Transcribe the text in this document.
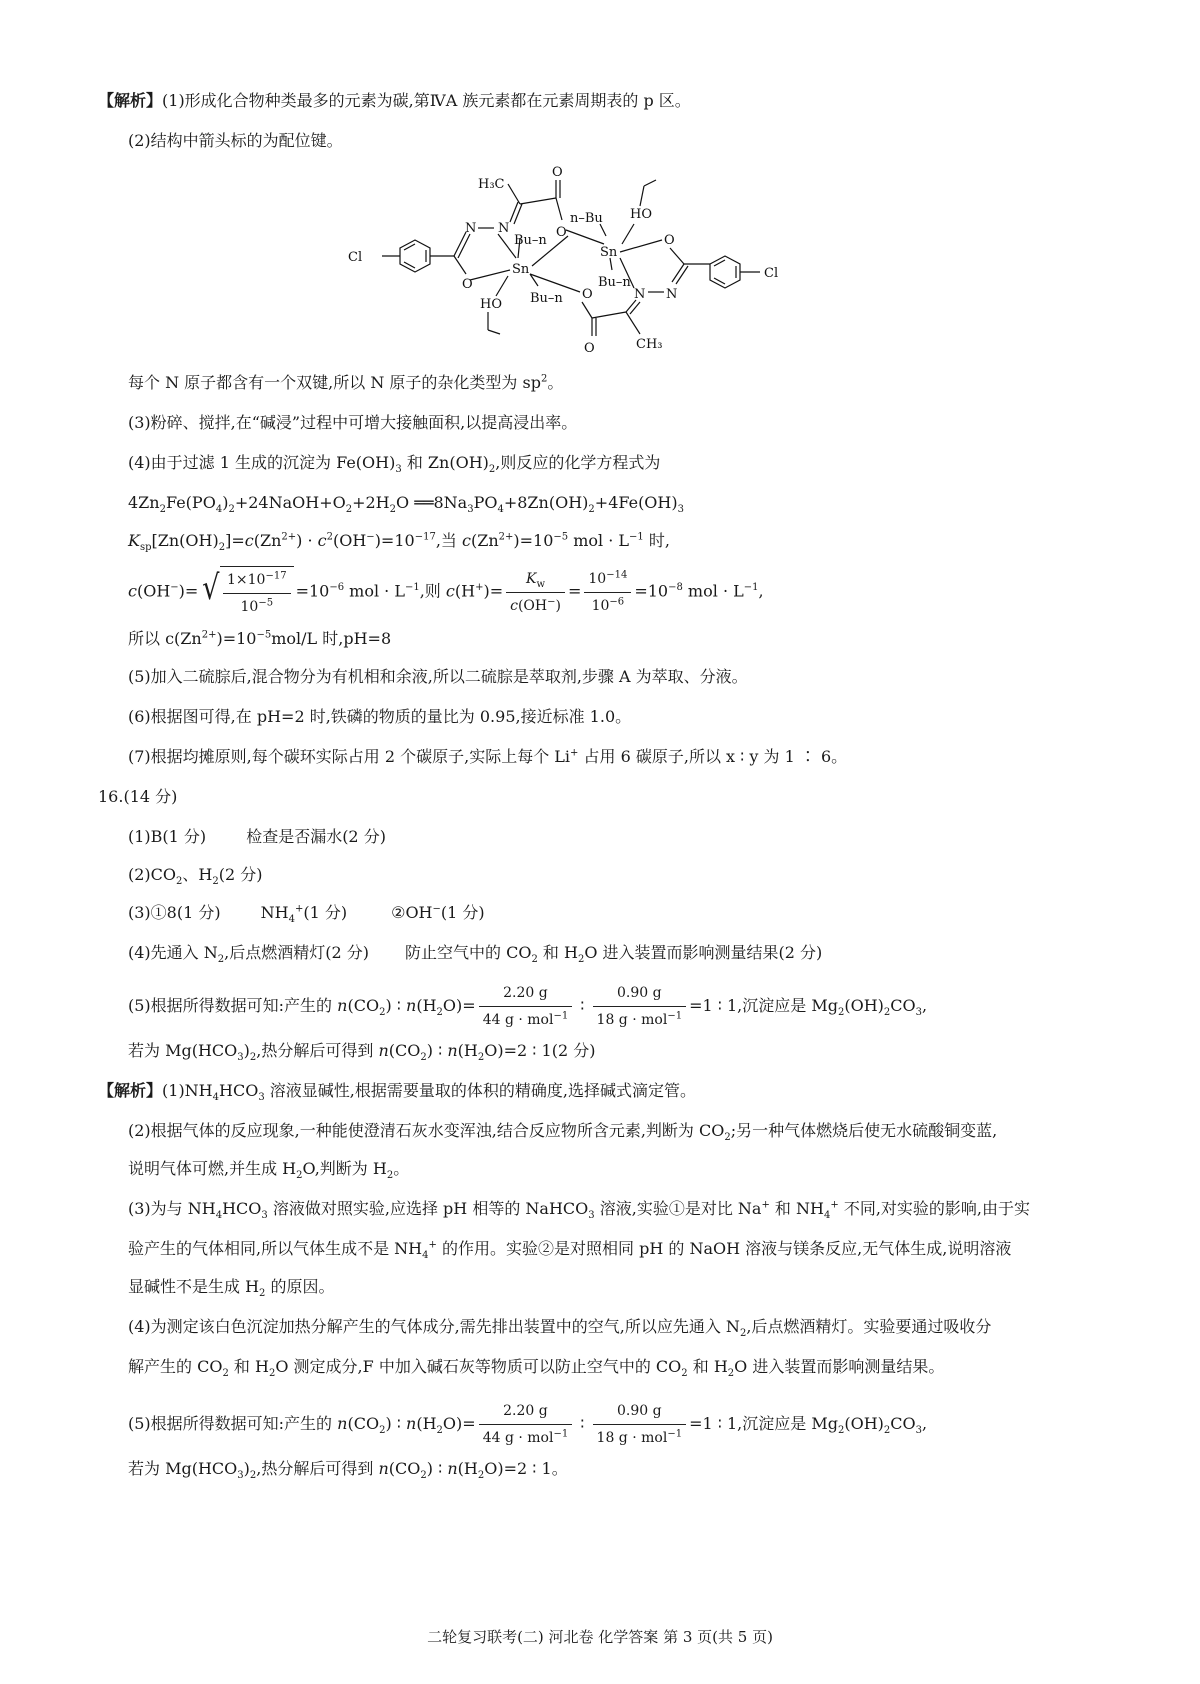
【解析】(1)形成化合物种类最多的元素为碳,第ⅣA 族元素都在元素周期表的 p 区。
(2)结构中箭头标的为配位键。
Cl
O
N N
H₃C
O
O
Bu–n
Sn
Bu–n
HO
n–Bu
Sn
HO
O
Bu–n
N
O
O	CH₃
N
Cl
每个 N 原子都含有一个双键,所以 N 原子的杂化类型为 $sp^2$。
(3)粉碎、搅拌,在“碱浸”过程中可增大接触面积,以提高浸出率。
(4)由于过滤 1 生成的沉淀为 $Fe(OH)_3$ 和 $Zn(OH)_2$,则反应的化学方程式为
$4Zn_2Fe(PO_4)_2+24NaOH+O_2+2H_2O$ $══8Na_3PO_4+8Zn(OH)_2+4Fe(OH)_3$
$K_{sp}[Zn(OH)_2]=c(Zn^{2+}) \cdot c^2(OH^-)=10^{-17}$,当 $c(Zn^{2+})=10^{-5}$ mol · $L^{-1}$ 时,
c(OH−)= √ $\frac{1\times 10^{-17}}{10^{-5}} =10^{-6}$ mol · $L^{-1}$,则 $c(H^+)= \frac{K_w}{c(OH^-)} = \frac{10^{-14}}{10^{-6}} =10^{-8}$ mol · $L^{-1}$,
所以 $c(Zn^{2+})=10^{-5}mol/L$ 时,pH=8
(5)加入二硫腙后,混合物分为有机相和余液,所以二硫腙是萃取剂,步骤 A 为萃取、分液。
(6)根据图可得,在 pH=2 时,铁磷的物质的量比为 0.95,接近标准 1.0。
(7)根据均摊原则,每个碳环实际占用 2 个碳原子,实际上每个 Li+ 占用 6 碳原子,所以 x ∶ y 为 1 ∶ 6。
16.(14 分)
(1)B(1 分)	检查是否漏水(2 分)
$(2)CO_2$、$H_2(2$ 分)
(3)①8(1 分)	$NH_4^+(1$ 分)	②OH−(1 分)
(4)先通入 $N_2$,后点燃酒精灯(2 分) 防止空气中的 $CO_2$ 和 $H_2O$ 进入装置而影响测量结果(2 分)
(5)根据所得数据可知:产生的 $n(CO_2)$ ∶ $n(H_2O)= \frac{2.20 g}{44 g \cdot mol^{-1}}$ ∶ $\frac{0.90 g}{18 g \cdot mol^{-1}} =1$ ∶ 1,沉淀应是 $Mg_2(OH)_2CO_3$,
若为 $Mg(HCO_3)_2$,热分解后可得到 $n(CO_2)$ ∶ $n(H_2O)=2$ ∶ 1(2 分)
【解析】$(1)NH_4HCO_3$ 溶液显碱性,根据需要量取的体积的精确度,选择碱式滴定管。
(2)根据气体的反应现象,一种能使澄清石灰水变浑浊,结合反应物所含元素,判断为 $CO_2$;另一种气体燃烧后使无水硫酸铜变蓝,
说明气体可燃,并生成 $H_2O$,判断为 $H_2$。
(3)为与 $NH_4HCO_3$ 溶液做对照实验,应选择 pH 相等的 NaHCO$_3$ 溶液,实验①是对比 Na+ 和 $NH_4^+$ 不同,对实验的影响,由于实
验产生的气体相同,所以气体生成不是 $NH_4^+$ 的作用。实验②是对照相同 pH 的 NaOH 溶液与镁条反应,无气体生成,说明溶液
显碱性不是生成 $H_2$ 的原因。
(4)为测定该白色沉淀加热分解产生的气体成分,需先排出装置中的空气,所以应先通入 $N_2$,后点燃酒精灯。实验要通过吸收分
解产生的 $CO_2$ 和 $H_2O$ 测定成分,F 中加入碱石灰等物质可以防止空气中的 $CO_2$ 和 $H_2O$ 进入装置而影响测量结果。
(5)根据所得数据可知:产生的 $n(CO_2)$ ∶ $n(H_2O)= \frac{2.20 g}{44 g \cdot mol^{-1}}$ ∶ $\frac{0.90 g}{18 g \cdot mol^{-1}} =1$ ∶ 1,沉淀应是 $Mg_2(OH)_2CO_3$,
若为 $Mg(HCO_3)_2$,热分解后可得到 $n(CO_2)$ ∶ $n(H_2O)=2$ ∶ 1。
二轮复习联考(二) 河北卷 化学答案 第 3 页(共 5 页)
